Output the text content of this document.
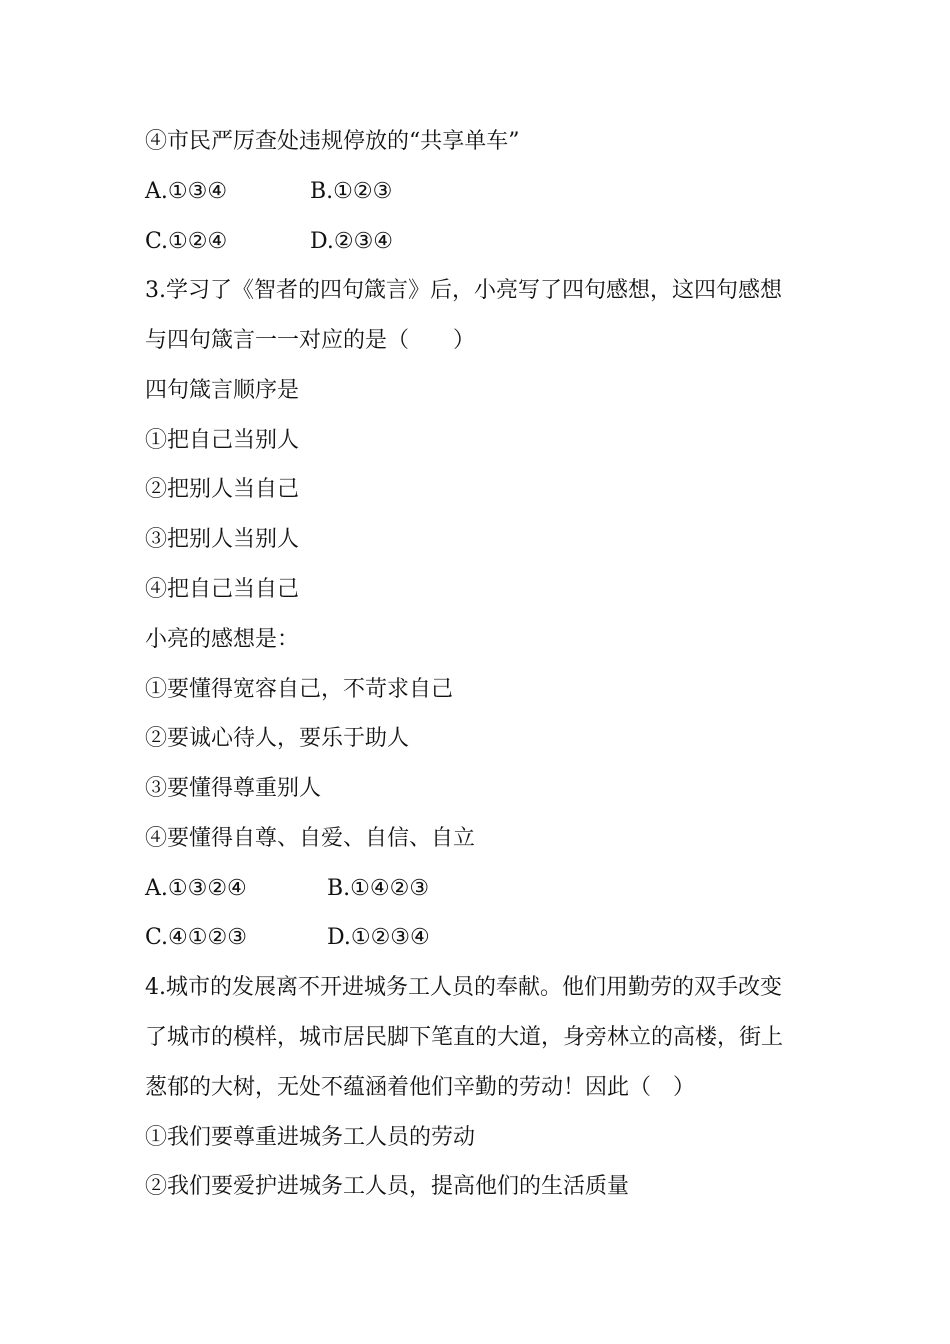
④市民严厉查处违规停放的“共享单车”
A.①③④	B.①②③
C.①②④	D.②③④
3.学习了《智者的四句箴言》后，小亮写了四句感想，这四句感想
与四句箴言一一对应的是（　　）
四句箴言顺序是
①把自己当别人
②把别人当自己
③把别人当别人
④把自己当自己
小亮的感想是：
①要懂得宽容自己，不苛求自己
②要诚心待人，要乐于助人
③要懂得尊重别人
④要懂得自尊、自爱、自信、自立
A.①③②④	B.①④②③
C.④①②③	D.①②③④
4.城市的发展离不开进城务工人员的奉献。他们用勤劳的双手改变
了城市的模样，城市居民脚下笔直的大道，身旁林立的高楼，街上
葱郁的大树，无处不蕴涵着他们辛勤的劳动！因此（　）
①我们要尊重进城务工人员的劳动
②我们要爱护进城务工人员，提高他们的生活质量
